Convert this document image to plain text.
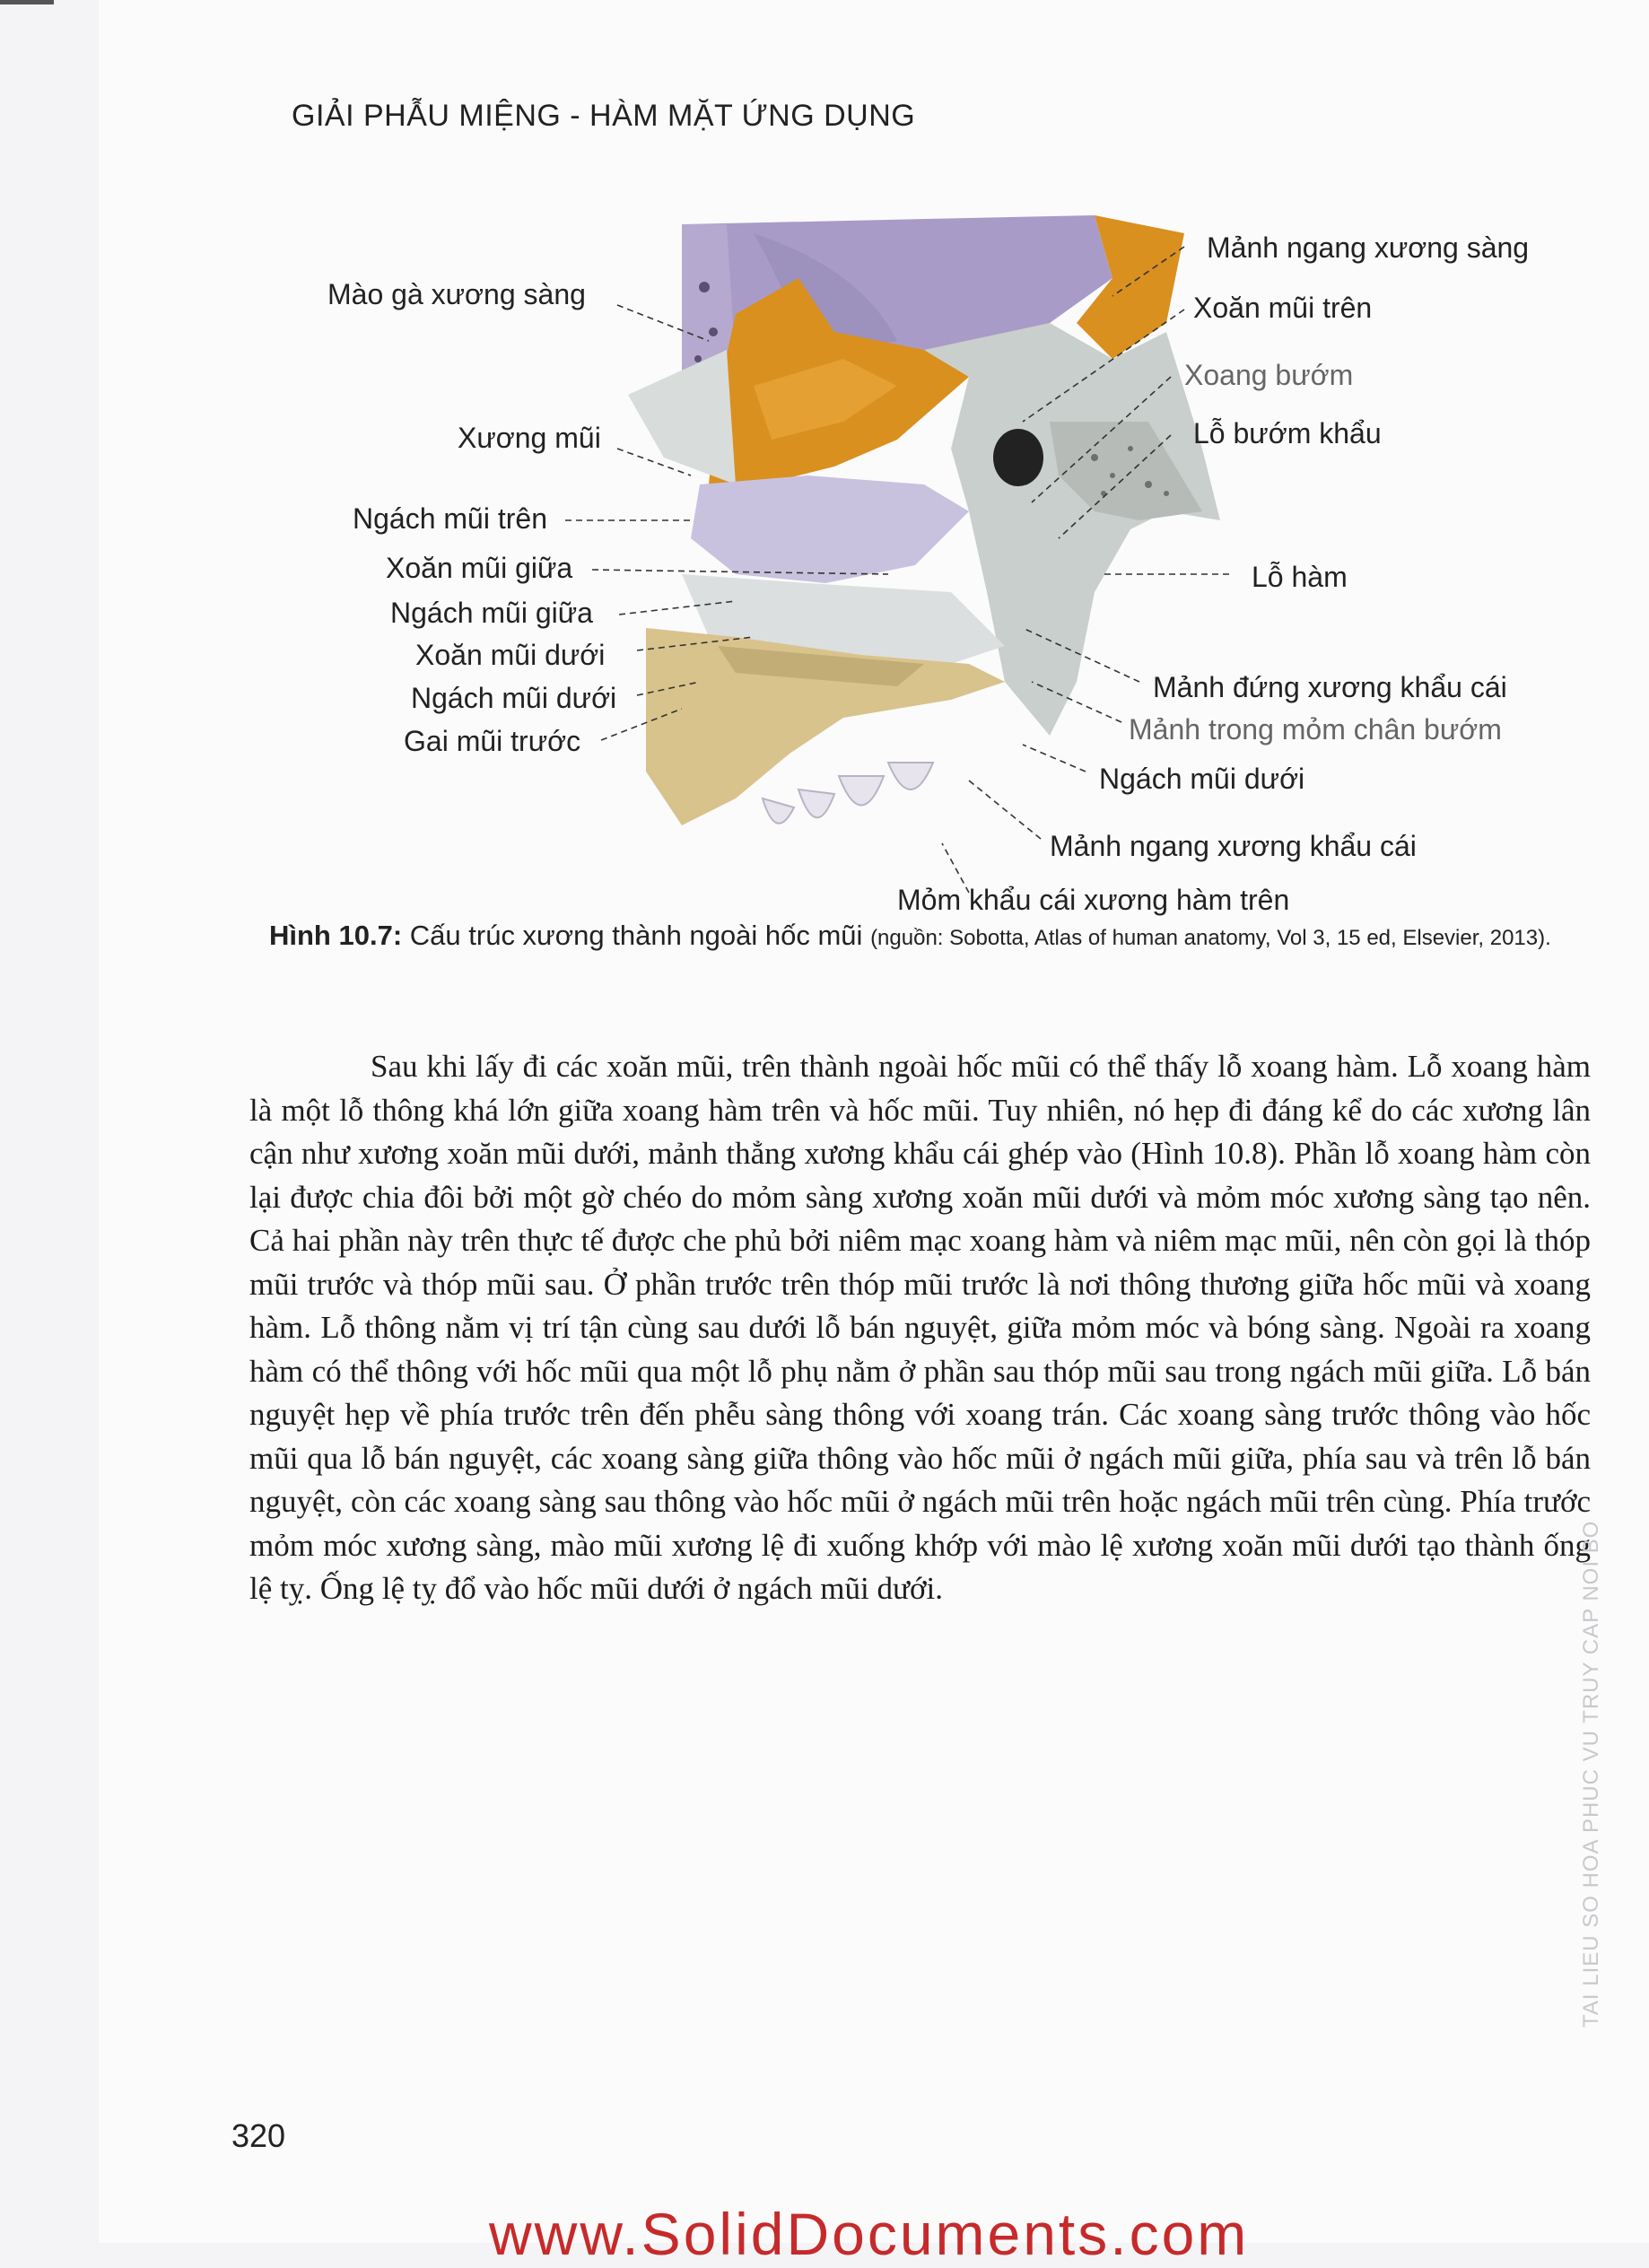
GIẢI PHẪU MIỆNG - HÀM MẶT ỨNG DỤNG
Mào gà xương sàng
Xương mũi
Ngách mũi trên
Xoăn mũi giữa
Ngách mũi giữa
Xoăn mũi dưới
Ngách mũi dưới
Gai mũi trước
Mảnh ngang xương sàng
Xoăn mũi trên
Xoang bướm
Lỗ bướm khẩu
Lỗ hàm
Mảnh đứng xương khẩu cái
Mảnh trong mỏm chân bướm
Ngách mũi dưới
Mảnh ngang xương khẩu cái
Mỏm khẩu cái xương hàm trên
Hình 10.7: Cấu trúc xương thành ngoài hốc mũi (nguồn: Sobotta, Atlas of human anatomy, Vol 3, 15 ed, Elsevier, 2013).
Sau khi lấy đi các xoăn mũi, trên thành ngoài hốc mũi có thể thấy lỗ xoang hàm. Lỗ xoang hàm là một lỗ thông khá lớn giữa xoang hàm trên và hốc mũi. Tuy nhiên, nó hẹp đi đáng kể do các xương lân cận như xương xoăn mũi dưới, mảnh thẳng xương khẩu cái ghép vào (Hình 10.8). Phần lỗ xoang hàm còn lại được chia đôi bởi một gờ chéo do mỏm sàng xương xoăn mũi dưới và mỏm móc xương sàng tạo nên. Cả hai phần này trên thực tế được che phủ bởi niêm mạc xoang hàm và niêm mạc mũi, nên còn gọi là thóp mũi trước và thóp mũi sau. Ở phần trước trên thóp mũi trước là nơi thông thương giữa hốc mũi và xoang hàm. Lỗ thông nằm vị trí tận cùng sau dưới lỗ bán nguyệt, giữa mỏm móc và bóng sàng. Ngoài ra xoang hàm có thể thông với hốc mũi qua một lỗ phụ nằm ở phần sau thóp mũi sau trong ngách mũi giữa. Lỗ bán nguyệt hẹp về phía trước trên đến phễu sàng thông với xoang trán. Các xoang sàng trước thông vào hốc mũi qua lỗ bán nguyệt, các xoang sàng giữa thông vào hốc mũi ở ngách mũi giữa, phía sau và trên lỗ bán nguyệt, còn các xoang sàng sau thông vào hốc mũi ở ngách mũi trên hoặc ngách mũi trên cùng. Phía trước mỏm móc xương sàng, mào mũi xương lệ đi xuống khớp với mào lệ xương xoăn mũi dưới tạo thành ống lệ tỵ. Ống lệ tỵ đổ vào hốc mũi dưới ở ngách mũi dưới.
320
TAI LIEU SO HOA PHUC VU TRUY CAP NOI BO
www.SolidDocuments.com
